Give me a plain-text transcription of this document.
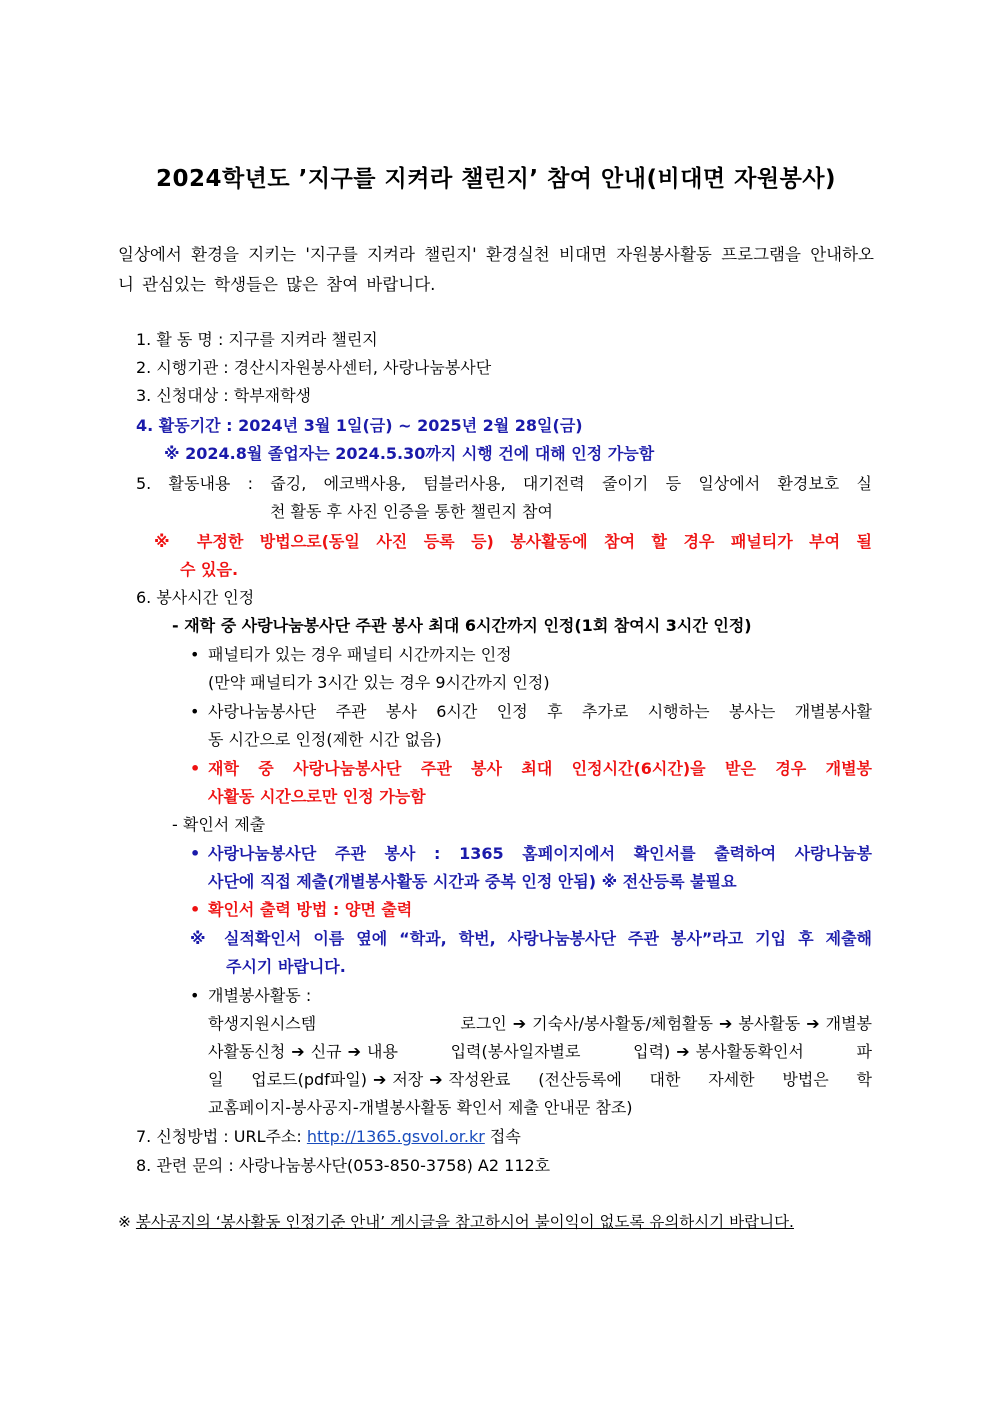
2024학년도 ’지구를 지켜라 챌린지’ 참여 안내(비대면 자원봉사)
일상에서 환경을 지키는 '지구를 지켜라 챌린지' 환경실천 비대면 자원봉사활동 프로그램을 안내하오니 관심있는 학생들은 많은 참여 바랍니다.
1. 활 동 명 : 지구를 지켜라 챌린지
2. 시행기관 : 경산시자원봉사센터, 사랑나눔봉사단
3. 신청대상 : 학부재학생
4. 활동기간 : 2024년 3월 1일(금) ~ 2025년 2월 28일(금)
※ 2024.8월 졸업자는 2024.5.30까지 시행 건에 대해 인정 가능함
5. 활동내용 : 줍깅, 에코백사용, 텀블러사용, 대기전력 줄이기 등 일상에서 환경보호 실
천 활동 후 사진 인증을 통한 챌린지 참여
※ 부정한 방법으로(동일 사진 등록 등) 봉사활동에 참여 할 경우 패널티가 부여 될
수 있음.
6. 봉사시간 인정
- 재학 중 사랑나눔봉사단 주관 봉사 최대 6시간까지 인정(1회 참여시 3시간 인정)
• 패널티가 있는 경우 패널티 시간까지는 인정
(만약 패널티가 3시간 있는 경우 9시간까지 인정)
• 사랑나눔봉사단 주관 봉사 6시간 인정 후 추가로 시행하는 봉사는 개별봉사활
동 시간으로 인정(제한 시간 없음)
• 재학 중 사랑나눔봉사단 주관 봉사 최대 인정시간(6시간)을 받은 경우 개별봉
사활동 시간으로만 인정 가능함
- 확인서 제출
• 사랑나눔봉사단 주관 봉사 : 1365 홈페이지에서 확인서를 출력하여 사랑나눔봉
사단에 직접 제출(개별봉사활동 시간과 중복 인정 안됨) ※ 전산등록 불필요
• 확인서 출력 방법 : 양면 출력
※ 실적확인서 이름 옆에 “학과, 학번, 사랑나눔봉사단 주관 봉사”라고 기입 후 제출해
주시기 바랍니다.
• 개별봉사활동 :
학생지원시스템 로그인 ➔ 기숙사/봉사활동/체험활동 ➔ 봉사활동 ➔ 개별봉
사활동신청 ➔ 신규 ➔ 내용 입력(봉사일자별로 입력) ➔ 봉사활동확인서 파
일 업로드(pdf파일) ➔ 저장 ➔ 작성완료 (전산등록에 대한 자세한 방법은 학
교홈페이지-봉사공지-개별봉사활동 확인서 제출 안내문 참조)
7. 신청방법 : URL주소: http://1365.gsvol.or.kr 접속
8. 관련 문의 : 사랑나눔봉사단(053-850-3758) A2 112호
※ 봉사공지의 ‘봉사활동 인정기준 안내’ 게시글을 참고하시어 불이익이 없도록 유의하시기 바랍니다.
